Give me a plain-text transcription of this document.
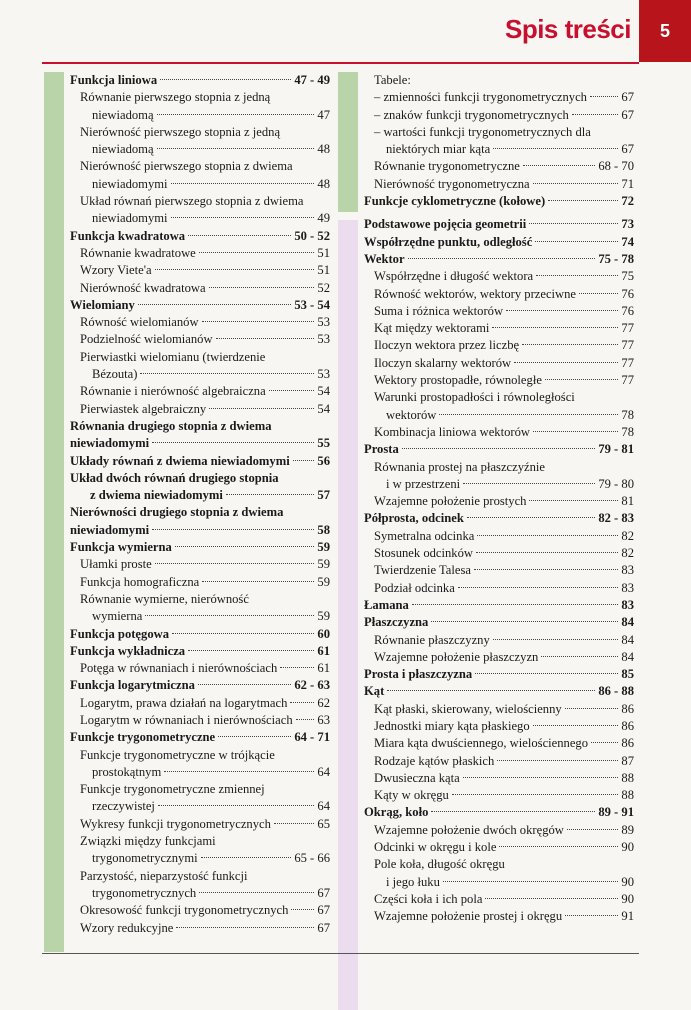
Spis treści	5
Funkcja liniowa	47 - 49
Równanie pierwszego stopnia z jedną
niewiadomą	47
Nierówność pierwszego stopnia z jedną
niewiadomą	48
Nierówność pierwszego stopnia z dwiema
niewiadomymi	48
Układ równań pierwszego stopnia z dwiema
niewiadomymi	49
Funkcja kwadratowa	50 - 52
Równanie kwadratowe	51
Wzory Viete'a	51
Nierówność kwadratowa	52
Wielomiany	53 - 54
Równość wielomianów	53
Podzielność wielomianów	53
Pierwiastki wielomianu (twierdzenie
Bézouta)	53
Równanie i nierówność algebraiczna	54
Pierwiastek algebraiczny	54
Równania drugiego stopnia z dwiema
niewiadomymi	55
Układy równań z dwiema niewiadomymi 56
Układ dwóch równań drugiego stopnia
z dwiema niewiadomymi	57
Nierówności drugiego stopnia z dwiema
niewiadomymi	58
Funkcja wymierna	59
Ułamki proste	59
Funkcja homograficzna	59
Równanie wymierne, nierówność
wymierna	59
Funkcja potęgowa	60
Funkcja wykładnicza	61
Potęga w równaniach i nierównościach	61
Funkcja logarytmiczna	62 - 63
Logarytm, prawa działań na logarytmach 62
Logarytm w równaniach i nierównościach 63
Funkcje trygonometryczne	64 - 71
Funkcje trygonometryczne w trójkącie
prostokątnym	64
Funkcje trygonometryczne zmiennej
rzeczywistej	64
Wykresy funkcji trygonometrycznych	65
Związki między funkcjami
trygonometrycznymi	65 - 66
Parzystość, nieparzystość funkcji
trygonometrycznych	67
Okresowość funkcji trygonometrycznych 67
Wzory redukcyjne	67
Tabele:
– zmienności funkcji trygonometrycznych	67
– znaków funkcji trygonometrycznych	67
– wartości funkcji trygonometrycznych dla
niektórych miar kąta	67
Równanie trygonometryczne	68 - 70
Nierówność trygonometryczna	71
Funkcje cyklometryczne (kołowe)	72
Podstawowe pojęcia geometrii	73
Współrzędne punktu, odległość	74
Wektor	75 - 78
Współrzędne i długość wektora	75
Równość wektorów, wektory przeciwne	76
Suma i różnica wektorów	76
Kąt między wektorami	77
Iloczyn wektora przez liczbę	77
Iloczyn skalarny wektorów	77
Wektory prostopadłe, równoległe	77
Warunki prostopadłości i równoległości
wektorów	78
Kombinacja liniowa wektorów	78
Prosta	79 - 81
Równania prostej na płaszczyźnie
i w przestrzeni	79 - 80
Wzajemne położenie prostych	81
Półprosta, odcinek	82 - 83
Symetralna odcinka	82
Stosunek odcinków	82
Twierdzenie Talesa	83
Podział odcinka	83
Łamana	83
Płaszczyzna	84
Równanie płaszczyzny	84
Wzajemne położenie płaszczyzn	84
Prosta i płaszczyzna	85
Kąt	86 - 88
Kąt płaski, skierowany, wielościenny	86
Jednostki miary kąta płaskiego	86
Miara kąta dwuściennego, wielościennego	86
Rodzaje kątów płaskich	87
Dwusieczna kąta	88
Kąty w okręgu	88
Okrąg, koło	89 - 91
Wzajemne położenie dwóch okręgów	89
Odcinki w okręgu i kole	90
Pole koła, długość okręgu
i jego łuku	90
Części koła i ich pola	90
Wzajemne położenie prostej i okręgu	91
